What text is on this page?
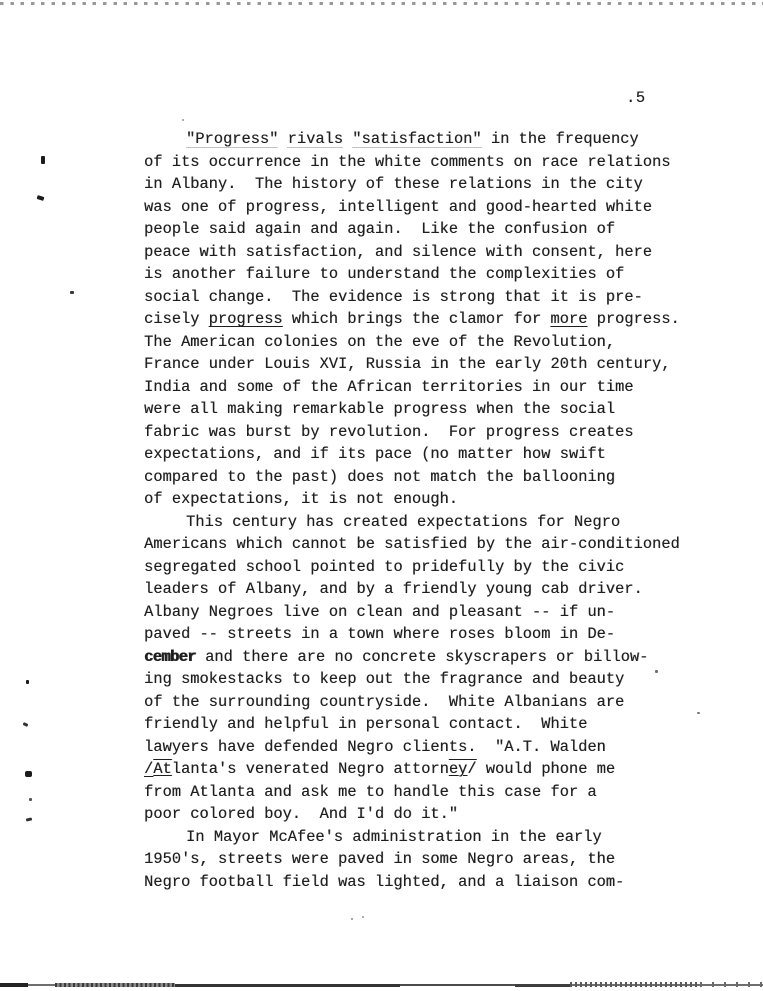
.5
"Progress" rivals "satisfaction" in the frequency
of its occurrence in the white comments on race relations
in Albany.  The history of these relations in the city
was one of progress, intelligent and good-hearted white
people said again and again.  Like the confusion of
peace with satisfaction, and silence with consent, here
is another failure to understand the complexities of
social change.  The evidence is strong that it is pre-
cisely progress which brings the clamor for more progress.
The American colonies on the eve of the Revolution,
France under Louis XVI, Russia in the early 20th century,
India and some of the African territories in our time
were all making remarkable progress when the social
fabric was burst by revolution.  For progress creates
expectations, and if its pace (no matter how swift
compared to the past) does not match the ballooning
of expectations, it is not enough.
This century has created expectations for Negro
Americans which cannot be satisfied by the air-conditioned
segregated school pointed to pridefully by the civic
leaders of Albany, and by a friendly young cab driver.
Albany Negroes live on clean and pleasant -- if un-
paved -- streets in a town where roses bloom in De-
cember and there are no concrete skyscrapers or billow-
ing smokestacks to keep out the fragrance and beauty
of the surrounding countryside.  White Albanians are
friendly and helpful in personal contact.  White
lawyers have defended Negro clients.  "A.T. Walden
/Atlanta's venerated Negro attorney/ would phone me
from Atlanta and ask me to handle this case for a
poor colored boy.  And I'd do it."
In Mayor McAfee's administration in the early
1950's, streets were paved in some Negro areas, the
Negro football field was lighted, and a liaison com-
